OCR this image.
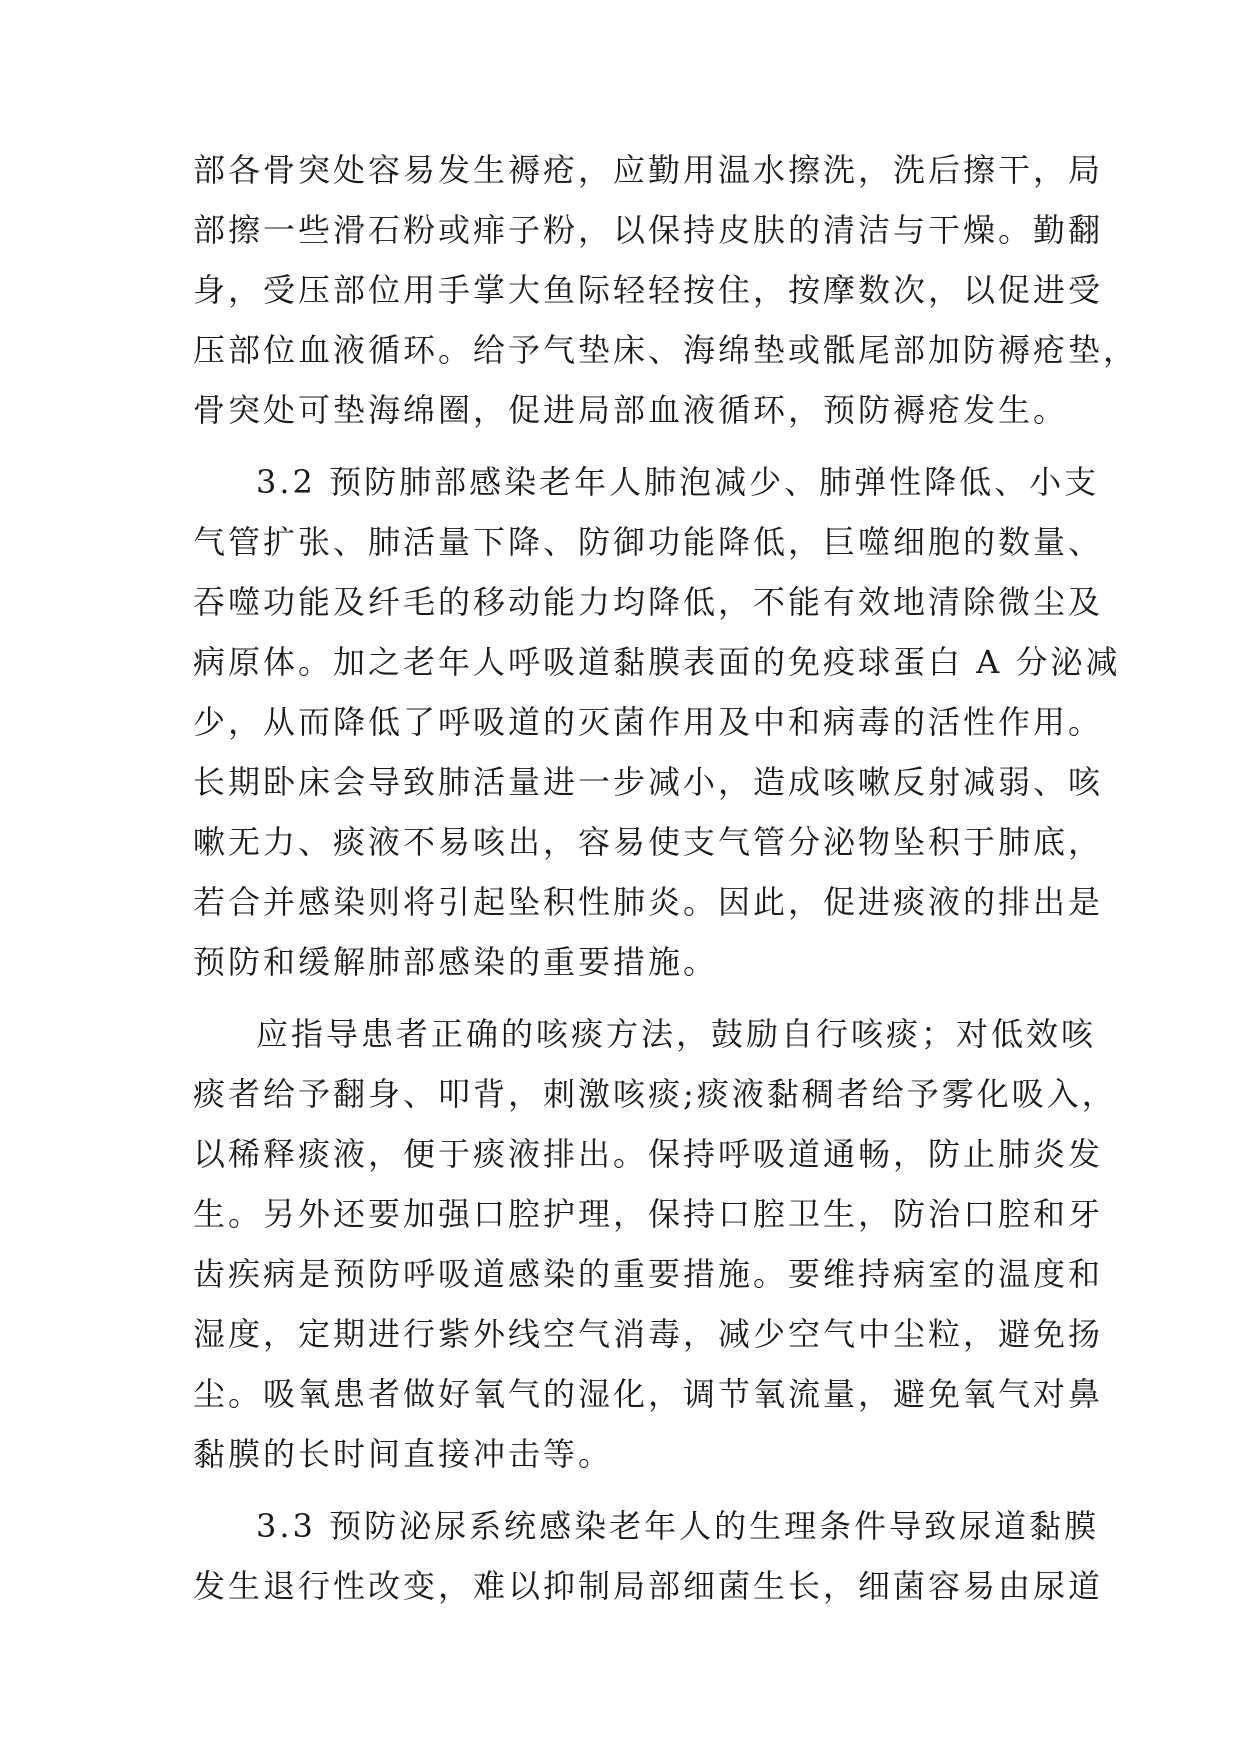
部各骨突处容易发生褥疮，应勤用温水擦洗，洗后擦干，局

部擦一些滑石粉或痱子粉，以保持皮肤的清洁与干燥。勤翻

身，受压部位用手掌大鱼际轻轻按住，按摩数次，以促进受

压部位血液循环。给予气垫床、海绵垫或骶尾部加防褥疮垫，

骨突处可垫海绵圈，促进局部血液循环，预防褥疮发生。

3.2 预防肺部感染老年人肺泡减少、肺弹性降低、小支

气管扩张、肺活量下降、防御功能降低，巨噬细胞的数量、

吞噬功能及纤毛的移动能力均降低，不能有效地清除微尘及

病原体。加之老年人呼吸道黏膜表面的免疫球蛋白 A 分泌减

少，从而降低了呼吸道的灭菌作用及中和病毒的活性作用。

长期卧床会导致肺活量进一步减小，造成咳嗽反射减弱、咳

嗽无力、痰液不易咳出，容易使支气管分泌物坠积于肺底，

若合并感染则将引起坠积性肺炎。因此，促进痰液的排出是

预防和缓解肺部感染的重要措施。

应指导患者正确的咳痰方法，鼓励自行咳痰；对低效咳

痰者给予翻身、叩背，刺激咳痰;痰液黏稠者给予雾化吸入，

以稀释痰液，便于痰液排出。保持呼吸道通畅，防止肺炎发

生。另外还要加强口腔护理，保持口腔卫生，防治口腔和牙

齿疾病是预防呼吸道感染的重要措施。要维持病室的温度和

湿度，定期进行紫外线空气消毒，减少空气中尘粒，避免扬

尘。吸氧患者做好氧气的湿化，调节氧流量，避免氧气对鼻

黏膜的长时间直接冲击等。

3.3 预防泌尿系统感染老年人的生理条件导致尿道黏膜

发生退行性改变，难以抑制局部细菌生长，细菌容易由尿道
